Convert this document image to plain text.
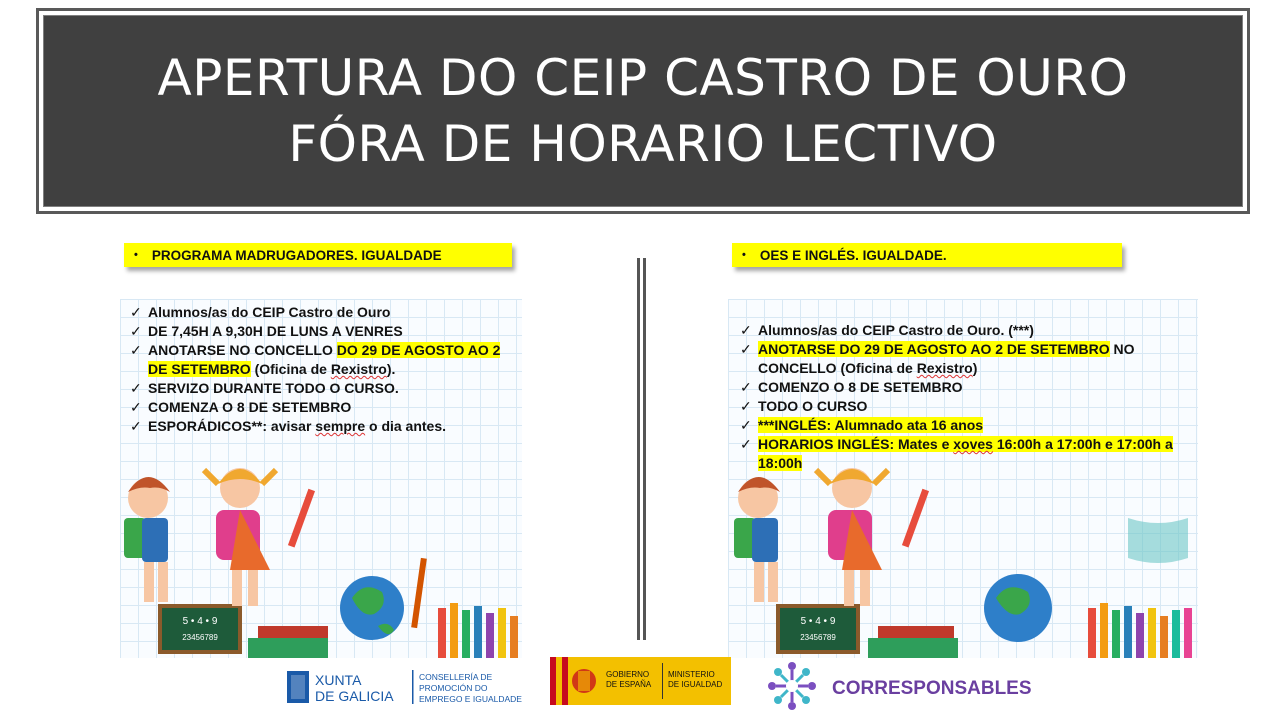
APERTURA DO CEIP CASTRO DE OURO
FÓRA DE HORARIO LECTIVO
• PROGRAMA MADRUGADORES. IGUALDADE
✓ Alumnos/as do CEIP Castro de Ouro
✓ DE 7,45H A 9,30H DE LUNS A VENRES
✓ ANOTARSE NO CONCELLO DO 29 DE AGOSTO AO 2 DE SETEMBRO (Oficina de Rexistro).
✓ SERVIZO DURANTE TODO O CURSO.
✓ COMENZA O 8 DE SETEMBRO
✓ ESPORÁDICOS**: avisar sempre o dia antes.
5 • 4 • 9
23456789
• OES E INGLÉS. IGUALDADE.
✓ Alumnos/as do CEIP Castro de Ouro. (***)
✓ ANOTARSE DO 29 DE AGOSTO AO 2 DE SETEMBRO NO CONCELLO (Oficina de Rexistro)
✓ COMENZO O 8 DE SETEMBRO
✓ TODO O CURSO
✓ ***INGLÉS: Alumnado ata 16 anos
✓ HORARIOS INGLÉS: Mates e xoves 16:00h a 17:00h e 17:00h a 18:00h
5 • 4 • 9
23456789
XUNTA
DE GALICIA
CONSELLERÍA DE
PROMOCIÓN DO
EMPREGO E IGUALDADE
GOBIERNO
DE ESPAÑA
MINISTERIO
DE IGUALDAD	CORRESPONSABLES
